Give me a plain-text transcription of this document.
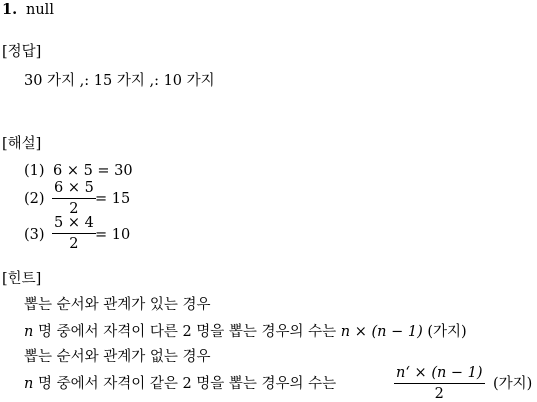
1. null
[정답]
30 가지 ,: 15 가지 ,: 10 가지
[해설]
(1) 6 × 5 = 30
(2)
6 × 5
2
= 15
(3)
5 × 4
2
= 10
[힌트]
뽑는 순서와 관계가 있는 경우
n 명 중에서 자격이 다른 2 명을 뽑는 경우의 수는 n × (n − 1) (가지)
뽑는 순서와 관계가 없는 경우
n 명 중에서 자격이 같은 2 명을 뽑는 경우의 수는
n‘ × (n − 1)
2
(가지)
